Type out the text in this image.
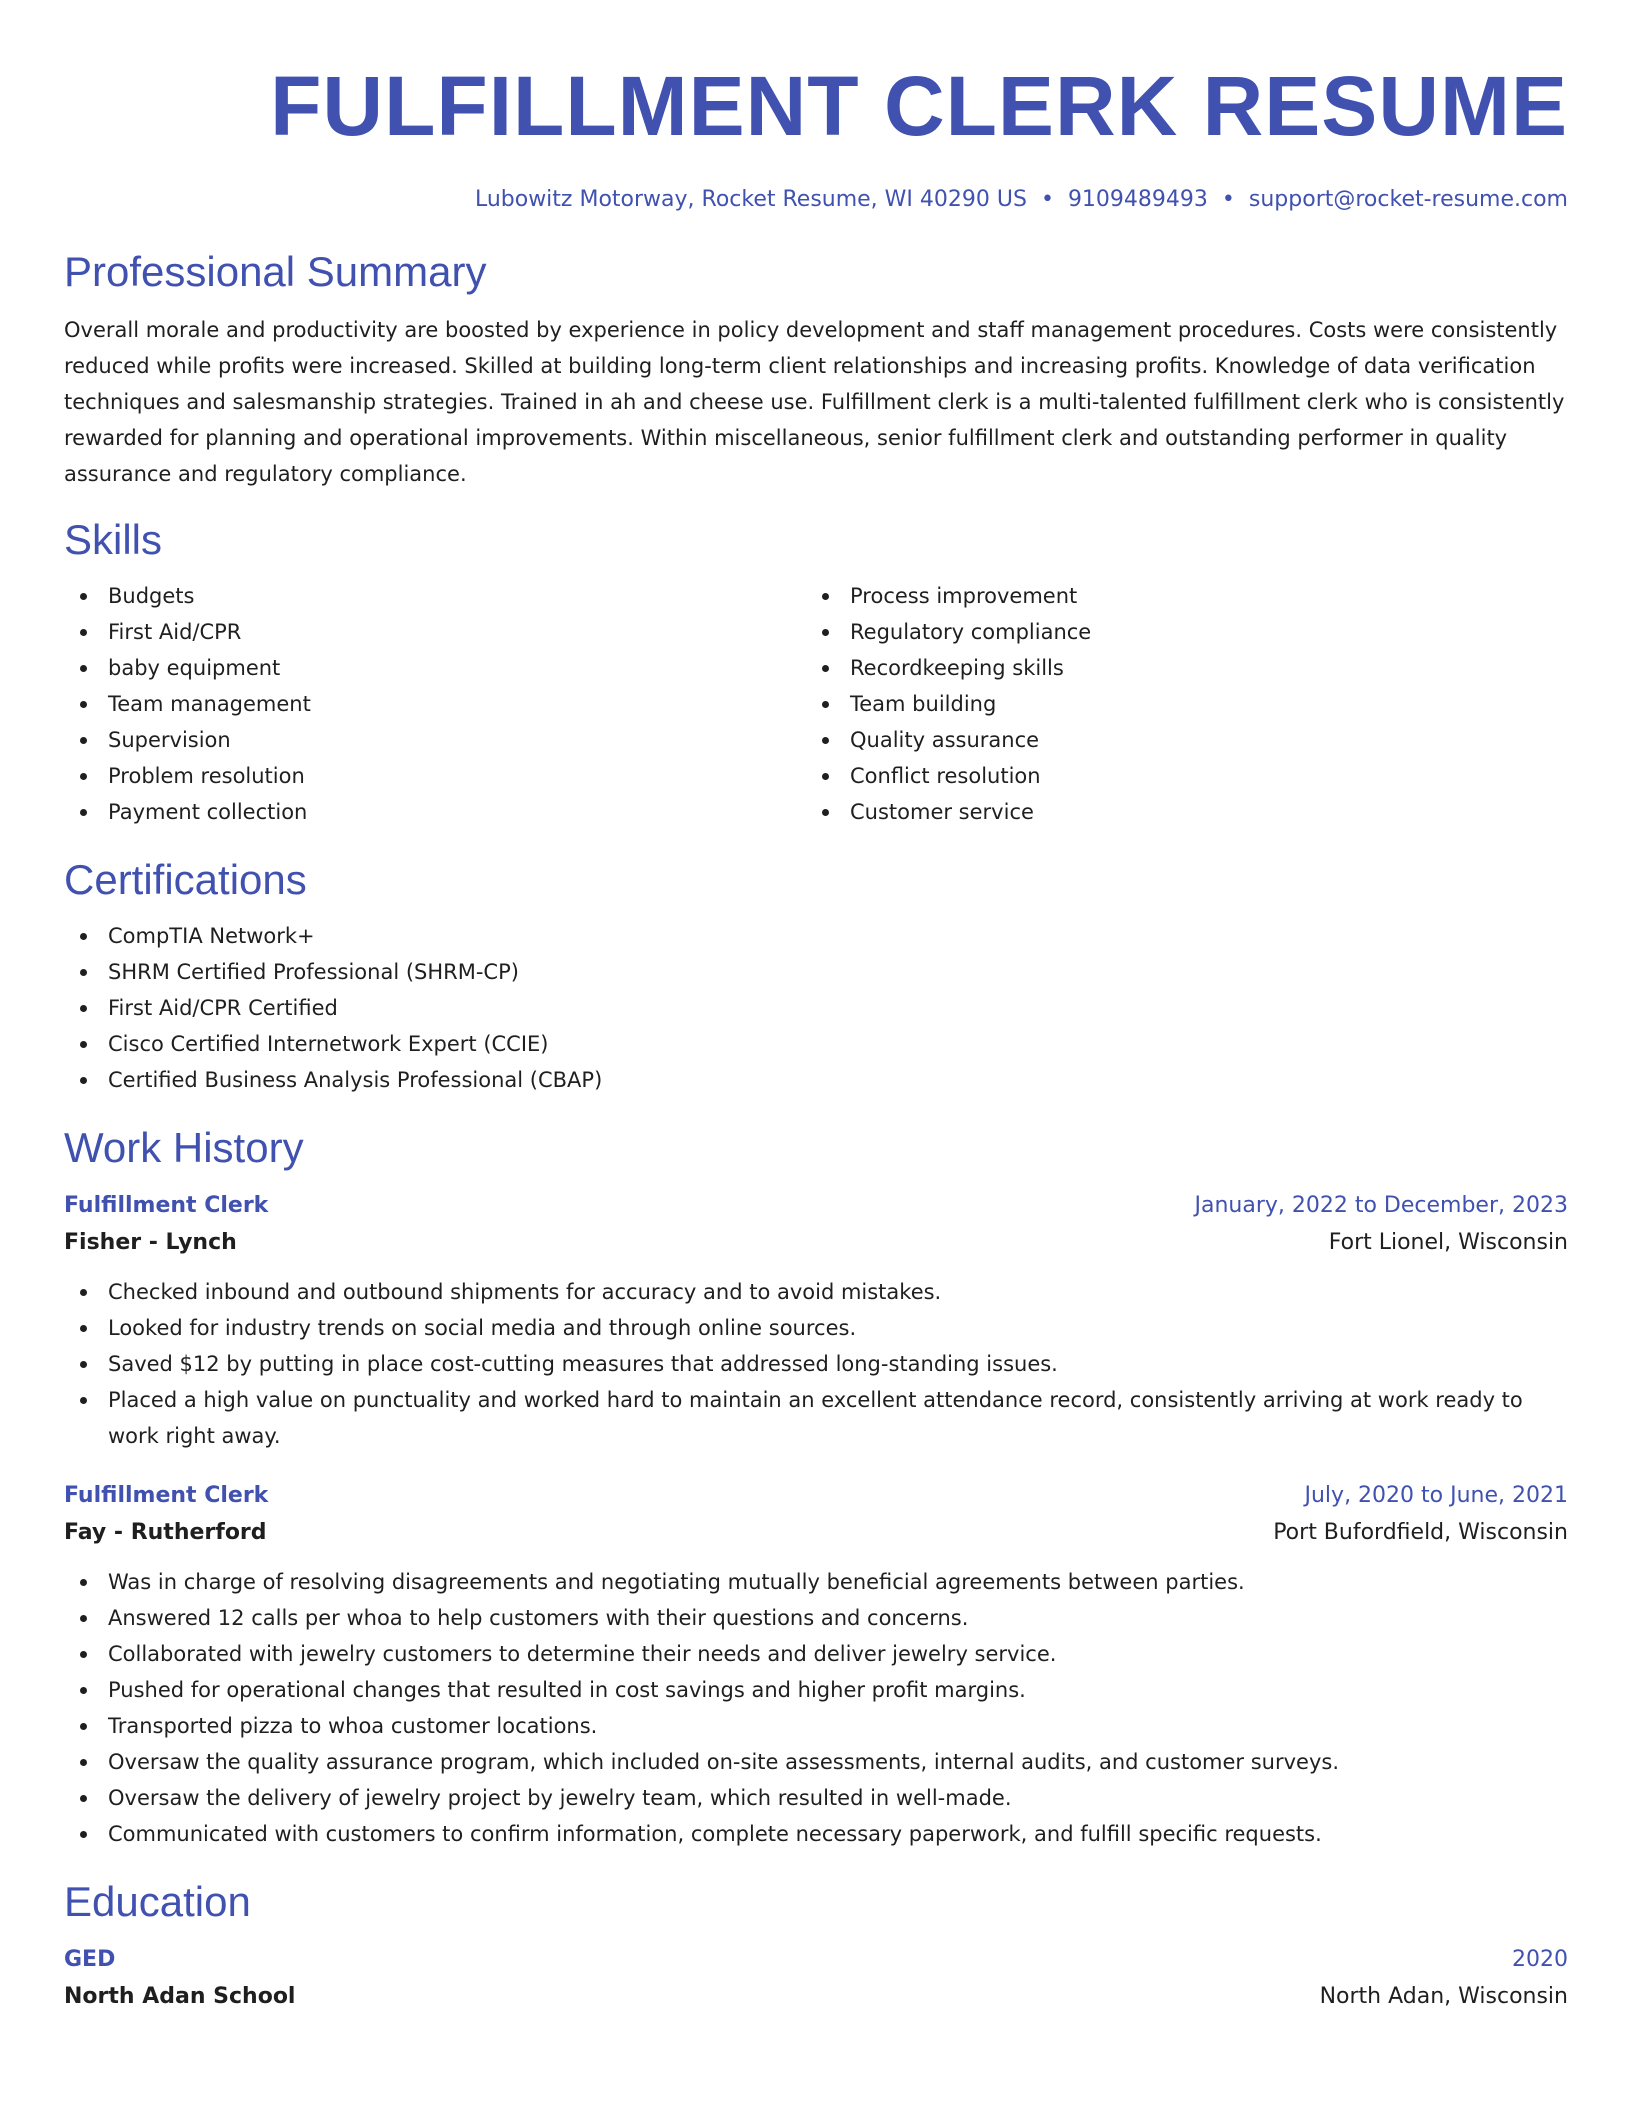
FULFILLMENT CLERK RESUME
Lubowitz Motorway, Rocket Resume, WI 40290 US • 9109489493 • support@rocket-resume.com
Professional Summary

Overall morale and productivity are boosted by experience in policy development and staff management procedures. Costs were consistently reduced while profits were increased. Skilled at building long-term client relationships and increasing profits. Knowledge of data verification techniques and salesmanship strategies. Trained in ah and cheese use. Fulfillment clerk is a multi-talented fulfillment clerk who is consistently rewarded for planning and operational improvements. Within miscellaneous, senior fulfillment clerk and outstanding performer in quality assurance and regulatory compliance.

Skills
Budgets
First Aid/CPR
baby equipment
Team management
Supervision
Problem resolution
Payment collection
Process improvement
Regulatory compliance
Recordkeeping skills
Team building
Quality assurance
Conflict resolution
Customer service
Certifications
CompTIA Network+
SHRM Certified Professional (SHRM-CP)
First Aid/CPR Certified
Cisco Certified Internetwork Expert (CCIE)
Certified Business Analysis Professional (CBAP)
Work History
Fulfillment Clerk	January, 2022 to December, 2023
Fisher - Lynch	Fort Lionel, Wisconsin
Checked inbound and outbound shipments for accuracy and to avoid mistakes.
Looked for industry trends on social media and through online sources.
Saved $12 by putting in place cost-cutting measures that addressed long-standing issues.
Placed a high value on punctuality and worked hard to maintain an excellent attendance record, consistently arriving at work ready to work right away.
Fulfillment Clerk	July, 2020 to June, 2021
Fay - Rutherford	Port Bufordfield, Wisconsin
Was in charge of resolving disagreements and negotiating mutually beneficial agreements between parties.
Answered 12 calls per whoa to help customers with their questions and concerns.
Collaborated with jewelry customers to determine their needs and deliver jewelry service.
Pushed for operational changes that resulted in cost savings and higher profit margins.
Transported pizza to whoa customer locations.
Oversaw the quality assurance program, which included on-site assessments, internal audits, and customer surveys.
Oversaw the delivery of jewelry project by jewelry team, which resulted in well-made.
Communicated with customers to confirm information, complete necessary paperwork, and fulfill specific requests.
Education
GED	2020
North Adan School	North Adan, Wisconsin
